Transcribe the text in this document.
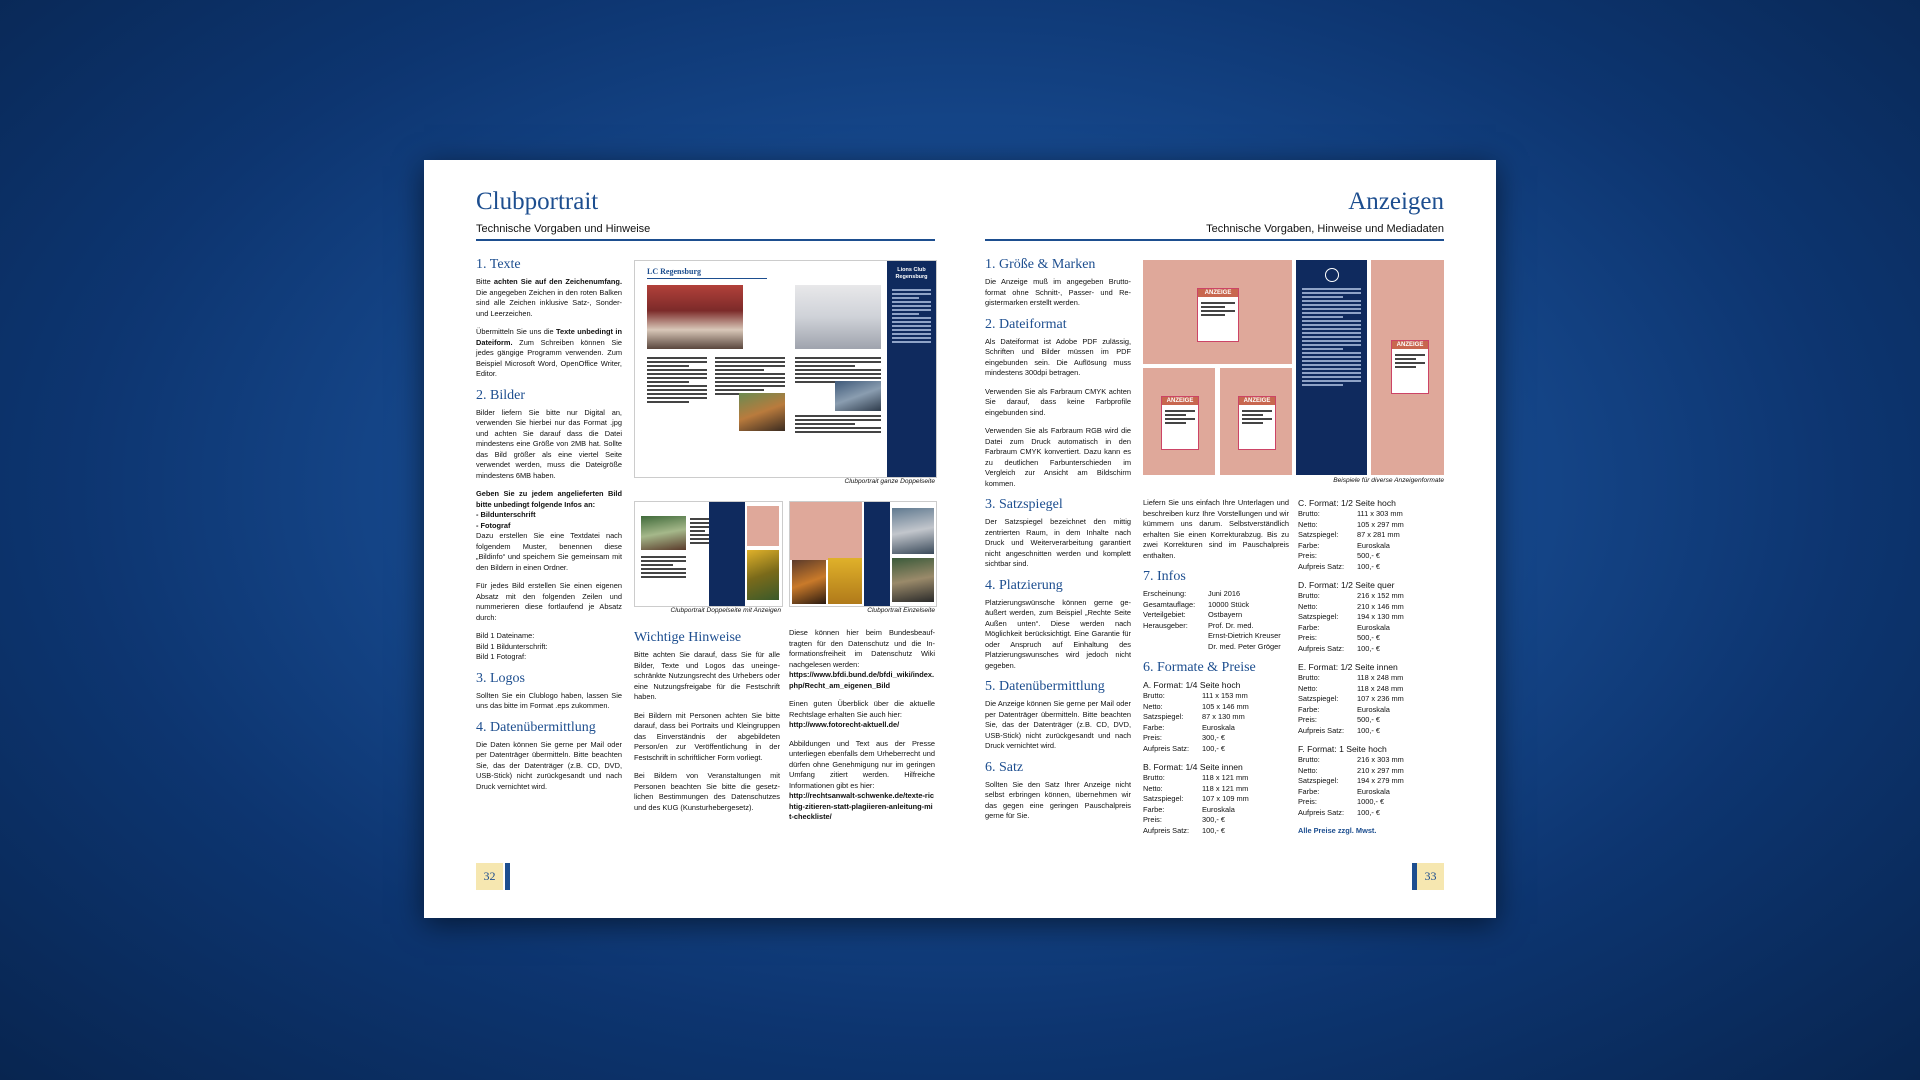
Clubportrait
Technische Vorgaben und Hinweise
1. Texte

Bitte achten Sie auf den Zeichenumfang. Die angegeben Zeichen in den roten Balken sind alle Zeichen inklusive Satz-, Sonder- und Leerzeichen.

Übermitteln Sie uns die Texte unbedingt in Dateiform. Zum Schreiben können Sie jedes gängige Programm verwenden. Zum Beispiel Microsoft Word, OpenOffice Writer, Editor.

2. Bilder

Bilder liefern Sie bitte nur Digital an, verwenden Sie hierbei nur das Format .jpg und achten Sie darauf dass die Datei mindestens eine Größe von 2MB hat. Sollte das Bild größer als eine viertel Seite verwendet werden, muss die Dateigröße mindestens 6MB haben.

Geben Sie zu jedem angelieferten Bild bitte unbedingt folgende Infos an:
- Bildunterschrift
- Fotograf
Dazu erstellen Sie eine Textdatei nach folgendem Muster, benennen diese „Bildinfo“ und speichern Sie gemeinsam mit den Bildern in einen Ordner.

Für jedes Bild erstellen Sie einen eigenen Absatz mit den folgenden Zeilen und nummerieren diese fortlaufend je Absatz durch:

Bild 1 Dateiname:
Bild 1 Bildunterschrift:
Bild 1 Fotograf:

3. Logos

Sollten Sie ein Clublogo haben, lassen Sie uns das bitte im Format .eps zukommen.

4. Datenübermittlung

Die Daten können Sie gerne per Mail oder per Datenträger übermitteln. Bitte beachten Sie, das der Datenträger (z.B. CD, DVD, USB-Stick) nicht zurückgesandt und nach Druck vernichtet wird.

LC Regensburg	Lions Club Regensburg
Clubportrait ganze Doppelseite
Clubportrait Doppelseite mit Anzeigen	Clubportrait Einzelseite
Wichtige Hinweise

Bitte achten Sie darauf, dass Sie für alle Bilder, Texte und Logos das uneingeschränkte Nutzungsrecht des Urhebers oder eine Nutzungsfreigabe für die Festschrift haben.

Bei Bildern mit Personen achten Sie bitte darauf, dass bei Portraits und Kleingruppen das Einverständnis der abgebildeten Person/en zur Veröffentlichung in der Festschrift in schriftlicher Form vorliegt.

Bei Bildern von Veranstaltungen mit Personen beachten Sie bitte die gesetzlichen Bestimmungen des Datenschutzes und des KUG (Kunsturhebergesetz).

Diese können hier beim Bundesbeauftragten für den Datenschutz und die Informationsfreiheit im Datenschutz Wiki nachgelesen werden:
https://www.bfdi.bund.de/bfdi_wiki/index.php/Recht_am_eigenen_Bild

Einen guten Überblick über die aktuelle Rechtslage erhalten Sie auch hier:
http://www.fotorecht-aktuell.de/

Abbildungen und Text aus der Presse unterliegen ebenfalls dem Urheberrecht und dürfen ohne Genehmigung nur im geringen Umfang zitiert werden. Hilfreiche Informationen gibt es hier:
http://rechtsanwalt-schwenke.de/texte-richtig-zitieren-statt-plagiieren-anleitung-mit-checkliste/

32
Anzeigen
Technische Vorgaben, Hinweise und Mediadaten
1. Größe & Marken

Die Anzeige muß im angegeben Bruttoformat ohne Schnitt-, Passer- und Registermarken erstellt werden.

2. Dateiformat

Als Dateiformat ist Adobe PDF zulässig, Schriften und Bilder müssen im PDF eingebunden sein. Die Auflösung muss mindestens 300dpi betragen.

Verwenden Sie als Farbraum CMYK achten Sie darauf, dass keine Farbprofile eingebunden sind.

Verwenden Sie als Farbraum RGB wird die Datei zum Druck automatisch in den Farbraum CMYK konvertiert. Dazu kann es zu deutlichen Farbunterschieden im Vergleich zur Ansicht am Bildschirm kommen.

3. Satzspiegel

Der Satzspiegel bezeichnet den mittig zentrierten Raum, in dem Inhalte nach Druck und Weiterverarbeitung garantiert nicht angeschnitten werden und komplett sichtbar sind.

4. Platzierung

Platzierungswünsche können gerne geäußert werden, zum Beispiel „Rechte Seite Außen unten“. Diese werden nach Möglichkeit berücksichtigt. Eine Garantie für oder Anspruch auf Einhaltung des Platzierungswunsches wird jedoch nicht gegeben.

5. Datenübermittlung

Die Anzeige können Sie gerne per Mail oder per Datenträger übermitteln. Bitte beachten Sie, das der Datenträger (z.B. CD, DVD, USB-Stick) nicht zurückgesandt und nach Druck vernichtet wird.

6. Satz

Sollten Sie den Satz Ihrer Anzeige nicht selbst erbringen können, übernehmen wir das gegen eine geringen Pauschalpreis gerne für Sie.

ANZEIGE
ANZEIGE	ANZEIGE
ANZEIGE
Beispiele für diverse Anzeigenformate

Liefern Sie uns einfach Ihre Unterlagen und beschreiben kurz Ihre Vorstellungen und wir kümmern uns darum. Selbstverständlich erhalten Sie einen Korrekturabzug. Bis zu zwei Korrekturen sind im Pauschalpreis enthalten.

7. Infos
Erscheinung:	Juni 2016
Gesamtauflage:	10000 Stück
Verteilgebiet:	Ostbayern
Herausgeber:	Prof. Dr. med.
Ernst-Dietrich Kreuser
Dr. med. Peter Gröger
6. Formate & Preise
A. Format: 1/4 Seite hoch
Brutto:	111 x 153 mm
Netto:	105 x 146 mm
Satzspiegel:	87 x 130 mm
Farbe:	Euroskala
Preis:	300,- €
Aufpreis Satz:	100,- €
B. Format: 1/4 Seite innen
Brutto:	118 x 121 mm
Netto:	118 x 121 mm
Satzspiegel:	107 x 109 mm
Farbe:	Euroskala
Preis:	300,- €
Aufpreis Satz:	100,- €
C. Format: 1/2 Seite hoch
Brutto:	111 x 303 mm
Netto:	105 x 297 mm
Satzspiegel:	87 x 281 mm
Farbe:	Euroskala
Preis:	500,- €
Aufpreis Satz:	100,- €
D. Format: 1/2 Seite quer
Brutto:	216 x 152 mm
Netto:	210 x 146 mm
Satzspiegel:	194 x 130 mm
Farbe:	Euroskala
Preis:	500,- €
Aufpreis Satz:	100,- €
E. Format: 1/2 Seite innen
Brutto:	118 x 248 mm
Netto:	118 x 248 mm
Satzspiegel:	107 x 236 mm
Farbe:	Euroskala
Preis:	500,- €
Aufpreis Satz:	100,- €
F. Format: 1 Seite hoch
Brutto:	216 x 303 mm
Netto:	210 x 297 mm
Satzspiegel:	194 x 279 mm
Farbe:	Euroskala
Preis:	1000,- €
Aufpreis Satz:	100,- €
Alle Preise zzgl. Mwst.
33
